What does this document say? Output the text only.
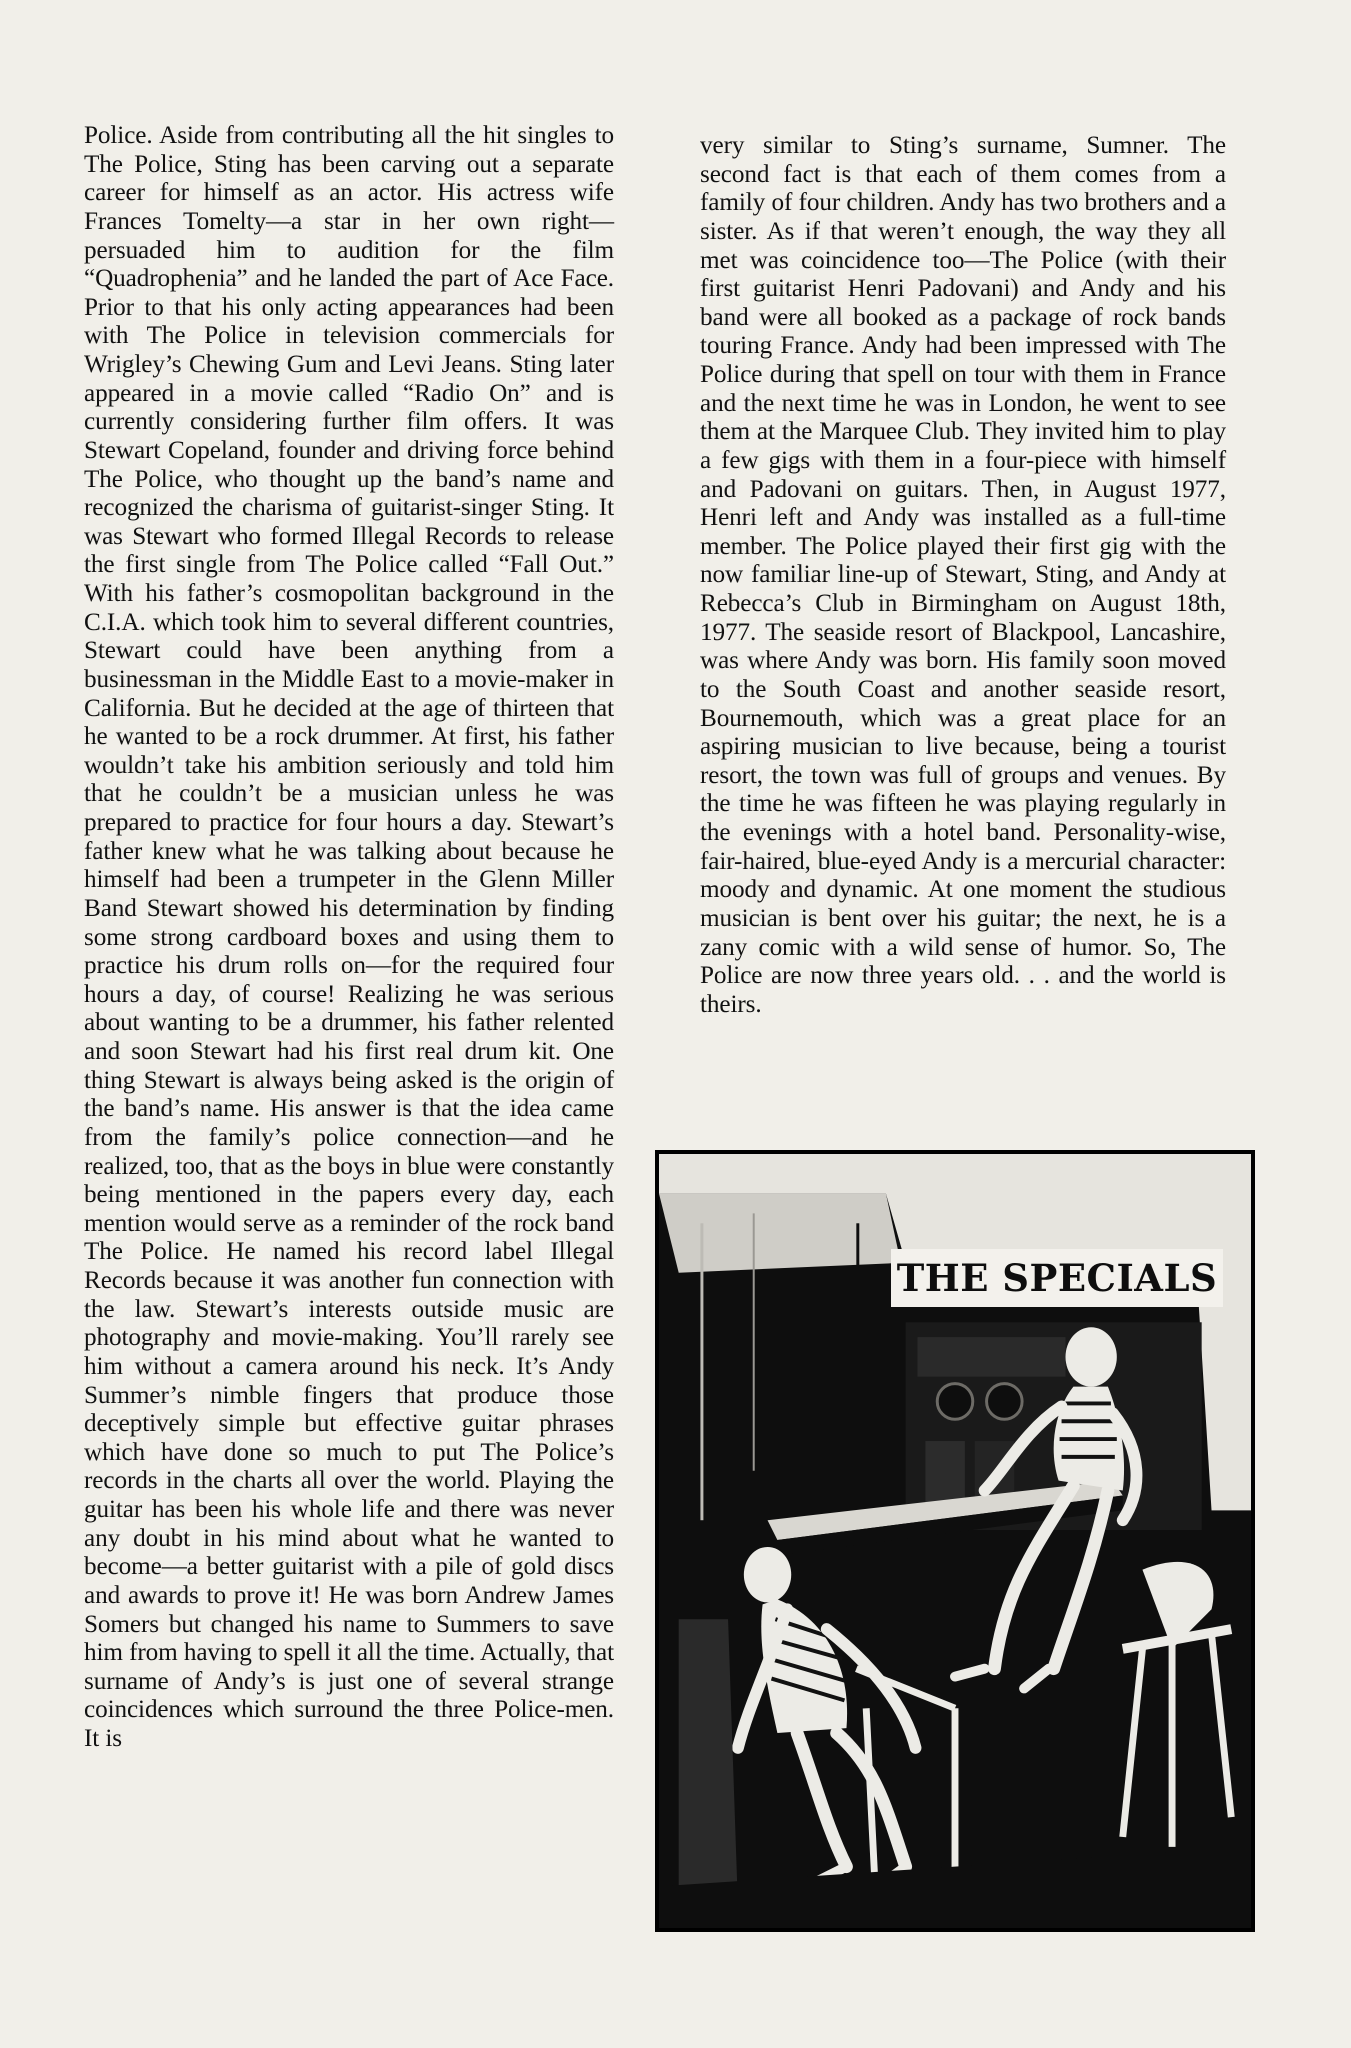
Police. Aside from contributing all the hit singles to The Police, Sting has been carving out a separate career for himself as an actor. His actress wife Frances Tomelty—a star in her own right—persuaded him to audition for the film “Quadrophenia” and he landed the part of Ace Face. Prior to that his only acting appearances had been with The Police in television commercials for Wrigley’s Chewing Gum and Levi Jeans. Sting later appeared in a movie called “Radio On” and is currently considering further film offers. It was Stewart Copeland, founder and driving force behind The Police, who thought up the band’s name and recognized the charisma of guitarist-singer Sting. It was Stewart who formed Illegal Records to release the first single from The Police called “Fall Out.” With his father’s cosmopolitan background in the C.I.A. which took him to several different countries, Stewart could have been anything from a businessman in the Middle East to a movie-maker in California. But he decided at the age of thirteen that he wanted to be a rock drummer. At first, his father wouldn’t take his ambition seriously and told him that he couldn’t be a musician unless he was prepared to practice for four hours a day. Stewart’s father knew what he was talking about because he himself had been a trumpeter in the Glenn Miller Band Stewart showed his determination by finding some strong cardboard boxes and using them to practice his drum rolls on—for the required four hours a day, of course! Realizing he was serious about wanting to be a drummer, his father relented and soon Stewart had his first real drum kit. One thing Stewart is always being asked is the origin of the band’s name. His answer is that the idea came from the family’s police connection—and he realized, too, that as the boys in blue were constantly being mentioned in the papers every day, each mention would serve as a reminder of the rock band The Police. He named his record label Illegal Records because it was another fun connection with the law. Stewart’s interests outside music are photography and movie-making. You’ll rarely see him without a camera around his neck. It’s Andy Summer’s nimble fingers that produce those deceptively simple but effective guitar phrases which have done so much to put The Police’s records in the charts all over the world. Playing the guitar has been his whole life and there was never any doubt in his mind about what he wanted to become—a better guitarist with a pile of gold discs and awards to prove it! He was born Andrew James Somers but changed his name to Summers to save him from having to spell it all the time. Actually, that surname of Andy’s is just one of several strange coincidences which surround the three Police-men. It is

very similar to Sting’s surname, Sumner. The second fact is that each of them comes from a family of four children. Andy has two brothers and a sister. As if that weren’t enough, the way they all met was coincidence too—The Police (with their first guitarist Henri Padovani) and Andy and his band were all booked as a package of rock bands touring France. Andy had been impressed with The Police during that spell on tour with them in France and the next time he was in London, he went to see them at the Marquee Club. They invited him to play a few gigs with them in a four-piece with himself and Padovani on guitars. Then, in August 1977, Henri left and Andy was installed as a full-time member. The Police played their first gig with the now familiar line-up of Stewart, Sting, and Andy at Rebecca’s Club in Birmingham on August 18th, 1977. The seaside resort of Blackpool, Lancashire, was where Andy was born. His family soon moved to the South Coast and another seaside resort, Bournemouth, which was a great place for an aspiring musician to live because, being a tourist resort, the town was full of groups and venues. By the time he was fifteen he was playing regularly in the evenings with a hotel band. Personality-wise, fair-haired, blue-eyed Andy is a mercurial character: moody and dynamic. At one moment the studious musician is bent over his guitar; the next, he is a zany comic with a wild sense of humor. So, The Police are now three years old. . . and the world is theirs.

THE SPECIALS
